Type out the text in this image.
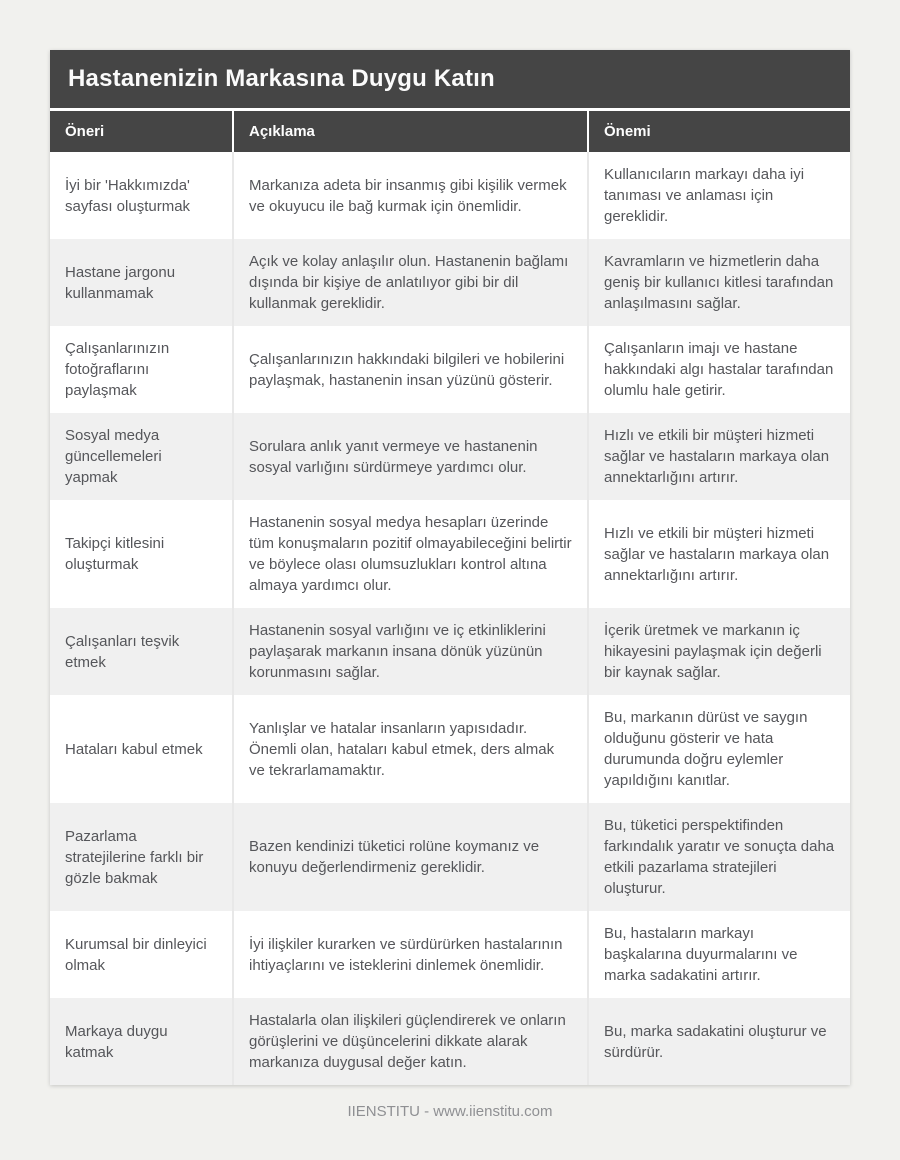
Hastanenizin Markasına Duygu Katın
Öneri	Açıklama	Önemi
İyi bir 'Hakkımızda' sayfası oluşturmak	Markanıza adeta bir insanmış gibi kişilik vermek ve okuyucu ile bağ kurmak için önemlidir.	Kullanıcıların markayı daha iyi tanıması ve anlaması için gereklidir.
Hastane jargonu kullanmamak	Açık ve kolay anlaşılır olun. Hastanenin bağlamı dışında bir kişiye de anlatılıyor gibi bir dil kullanmak gereklidir.	Kavramların ve hizmetlerin daha geniş bir kullanıcı kitlesi tarafından anlaşılmasını sağlar.
Çalışanlarınızın fotoğraflarını paylaşmak	Çalışanlarınızın hakkındaki bilgileri ve hobilerini paylaşmak, hastanenin insan yüzünü gösterir.	Çalışanların imajı ve hastane hakkındaki algı hastalar tarafından olumlu hale getirir.
Sosyal medya güncellemeleri yapmak	Sorulara anlık yanıt vermeye ve hastanenin sosyal varlığını sürdürmeye yardımcı olur.	Hızlı ve etkili bir müşteri hizmeti sağlar ve hastaların markaya olan annektarlığını artırır.
Takipçi kitlesini oluşturmak	Hastanenin sosyal medya hesapları üzerinde tüm konuşmaların pozitif olmayabileceğini belirtir ve böylece olası olumsuzlukları kontrol altına almaya yardımcı olur.	Hızlı ve etkili bir müşteri hizmeti sağlar ve hastaların markaya olan annektarlığını artırır.
Çalışanları teşvik etmek	Hastanenin sosyal varlığını ve iç etkinliklerini paylaşarak markanın insana dönük yüzünün korunmasını sağlar.	İçerik üretmek ve markanın iç hikayesini paylaşmak için değerli bir kaynak sağlar.
Hataları kabul etmek	Yanlışlar ve hatalar insanların yapısıdadır. Önemli olan, hataları kabul etmek, ders almak ve tekrarlamamaktır.	Bu, markanın dürüst ve saygın olduğunu gösterir ve hata durumunda doğru eylemler yapıldığını kanıtlar.
Pazarlama stratejilerine farklı bir gözle bakmak	Bazen kendinizi tüketici rolüne koymanız ve konuyu değerlendirmeniz gereklidir.	Bu, tüketici perspektifinden farkındalık yaratır ve sonuçta daha etkili pazarlama stratejileri oluşturur.
Kurumsal bir dinleyici olmak	İyi ilişkiler kurarken ve sürdürürken hastalarının ihtiyaçlarını ve isteklerini dinlemek önemlidir.	Bu, hastaların markayı başkalarına duyurmalarını ve marka sadakatini artırır.
Markaya duygu katmak	Hastalarla olan ilişkileri güçlendirerek ve onların görüşlerini ve düşüncelerini dikkate alarak markanıza duygusal değer katın.	Bu, marka sadakatini oluşturur ve sürdürür.
IIENSTITU - www.iienstitu.com
